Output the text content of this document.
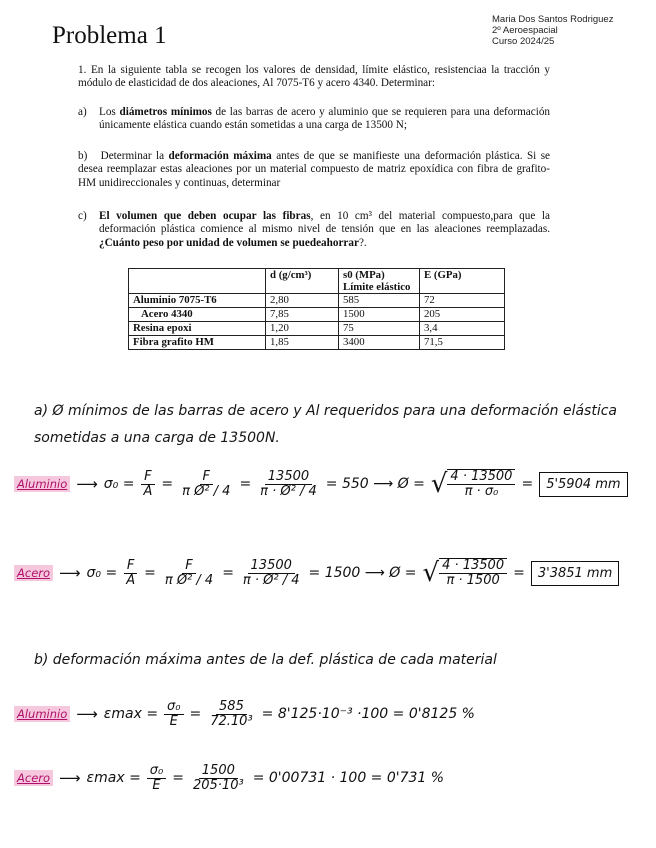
Problema 1
Maria Dos Santos Rodriguez
2º Aeroespacial
Curso 2024/25
1. En la siguiente tabla se recogen los valores de densidad, límite elástico, resistenciaa la tracción y módulo de elasticidad de dos aleaciones, Al 7075-T6 y acero 4340. Determinar:
a)	Los diámetros mínimos de las barras de acero y aluminio que se requieren para una deformación únicamente elástica cuando están sometidas a una carga de 13500 N;
b) Determinar la deformación máxima antes de que se manifieste una deformación plástica. Si se desea reemplazar estas aleaciones por un material compuesto de matriz epoxídica con fibra de grafito-HM unidireccionales y continuas, determinar
c)	El volumen que deben ocupar las fibras, en 10 cm³ del material compuesto,para que la deformación plástica comience al mismo nivel de tensión que en las aleaciones reemplazadas. ¿Cuánto peso por unidad de volumen se puedeahorrar?.
	d (g/cm³)	s0 (MPa) Límite elástico	E (GPa)
Aluminio 7075-T6	2,80	585	72
Acero 4340	7,85	1500	205
Resina epoxi	1,20	75	3,4
Fibra grafito HM	1,85	3400	71,5
a) Ø mínimos de las barras de acero y Al requeridos para una deformación elástica sometidas a una carga de 13500N.
Aluminio ⟶ $\sigma_0 = \frac{F}{A} = \frac{F}{\text{π Ø² / 4}} = \frac{13500}{\text{π · Ø² / 4}} = 550$ ⟶ Ø = √ $\frac{4 \cdot 13500}{\text{π · σ₀}}$ =	5'5904 mm
Acero ⟶ $\sigma_0 = \frac{F}{A} = \frac{F}{\text{π Ø² / 4}} = \frac{13500}{\text{π · Ø² / 4}} = 1500$ ⟶ Ø = √ $\frac{4 \cdot 13500}{\pi \cdot 1500}$ =	3'3851 mm
b) deformación máxima antes de la def. plástica de cada material
Aluminio ⟶ $\varepsilon\max = \frac{\text{σ₀}}{E} = \frac{585}{\text{72.10³}} = 8'125\cdot 10^{-3} \cdot 100 = 0'8125$ %
Acero ⟶ $\varepsilon\max = \frac{\text{σ₀}}{E} = \frac{1500}{\text{205·10³}} = 0'00731 \cdot 100 = 0'731$ %
